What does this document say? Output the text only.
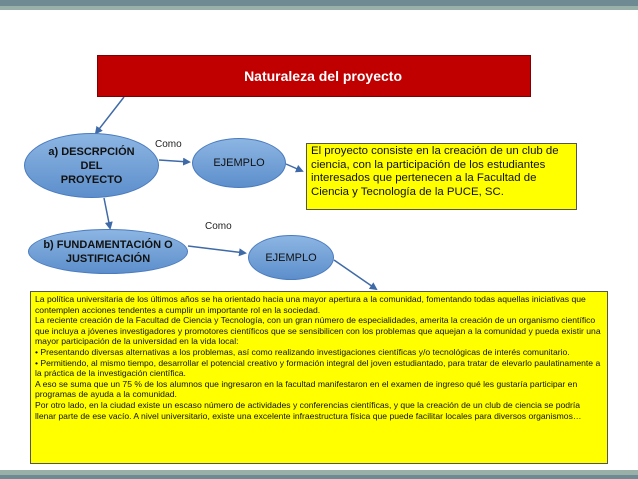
Naturaleza del proyecto
a) DESCRPCIÓN
DEL
PROYECTO
EJEMPLO
b) FUNDAMENTACIÓN O
JUSTIFICACIÓN	EJEMPLO
Como
Como
El proyecto consiste en la creación de un club de ciencia, con la participación de los estudiantes interesados que pertenecen a la Facultad de Ciencia y Tecnología de la PUCE, SC.

La política universitaria de los últimos años se ha orientado hacia una mayor apertura a la comunidad, fomentando todas aquellas iniciativas que contemplen acciones tendentes a cumplir un importante rol en la sociedad.

La reciente creación de la Facultad de Ciencia y Tecnología, con un gran número de especialidades, amerita la creación de un organismo científico que incluya a jóvenes investigadores y promotores científicos que se sensibilicen con los problemas que aquejan a la comunidad y pueda existir una mayor participación de la universidad en la vida local:

• Presentando diversas alternativas a los problemas, así como realizando investigaciones científicas y/o tecnológicas de interés comunitario.

• Permitiendo, al mismo tiempo, desarrollar el potencial creativo y formación integral del joven estudiantado, para tratar de elevarlo paulatinamente a la práctica de la investigación científica.

A eso se suma que un 75 % de los alumnos que ingresaron en la facultad manifestaron en el examen de ingreso qué les gustaría participar en programas de ayuda a la comunidad.

Por otro lado, en la ciudad existe un escaso número de actividades y conferencias científicas, y que la creación de un club de ciencia se podría llenar parte de ese vacío. A nivel universitario, existe una excelente infraestructura física que puede facilitar locales para diversos organismos…
